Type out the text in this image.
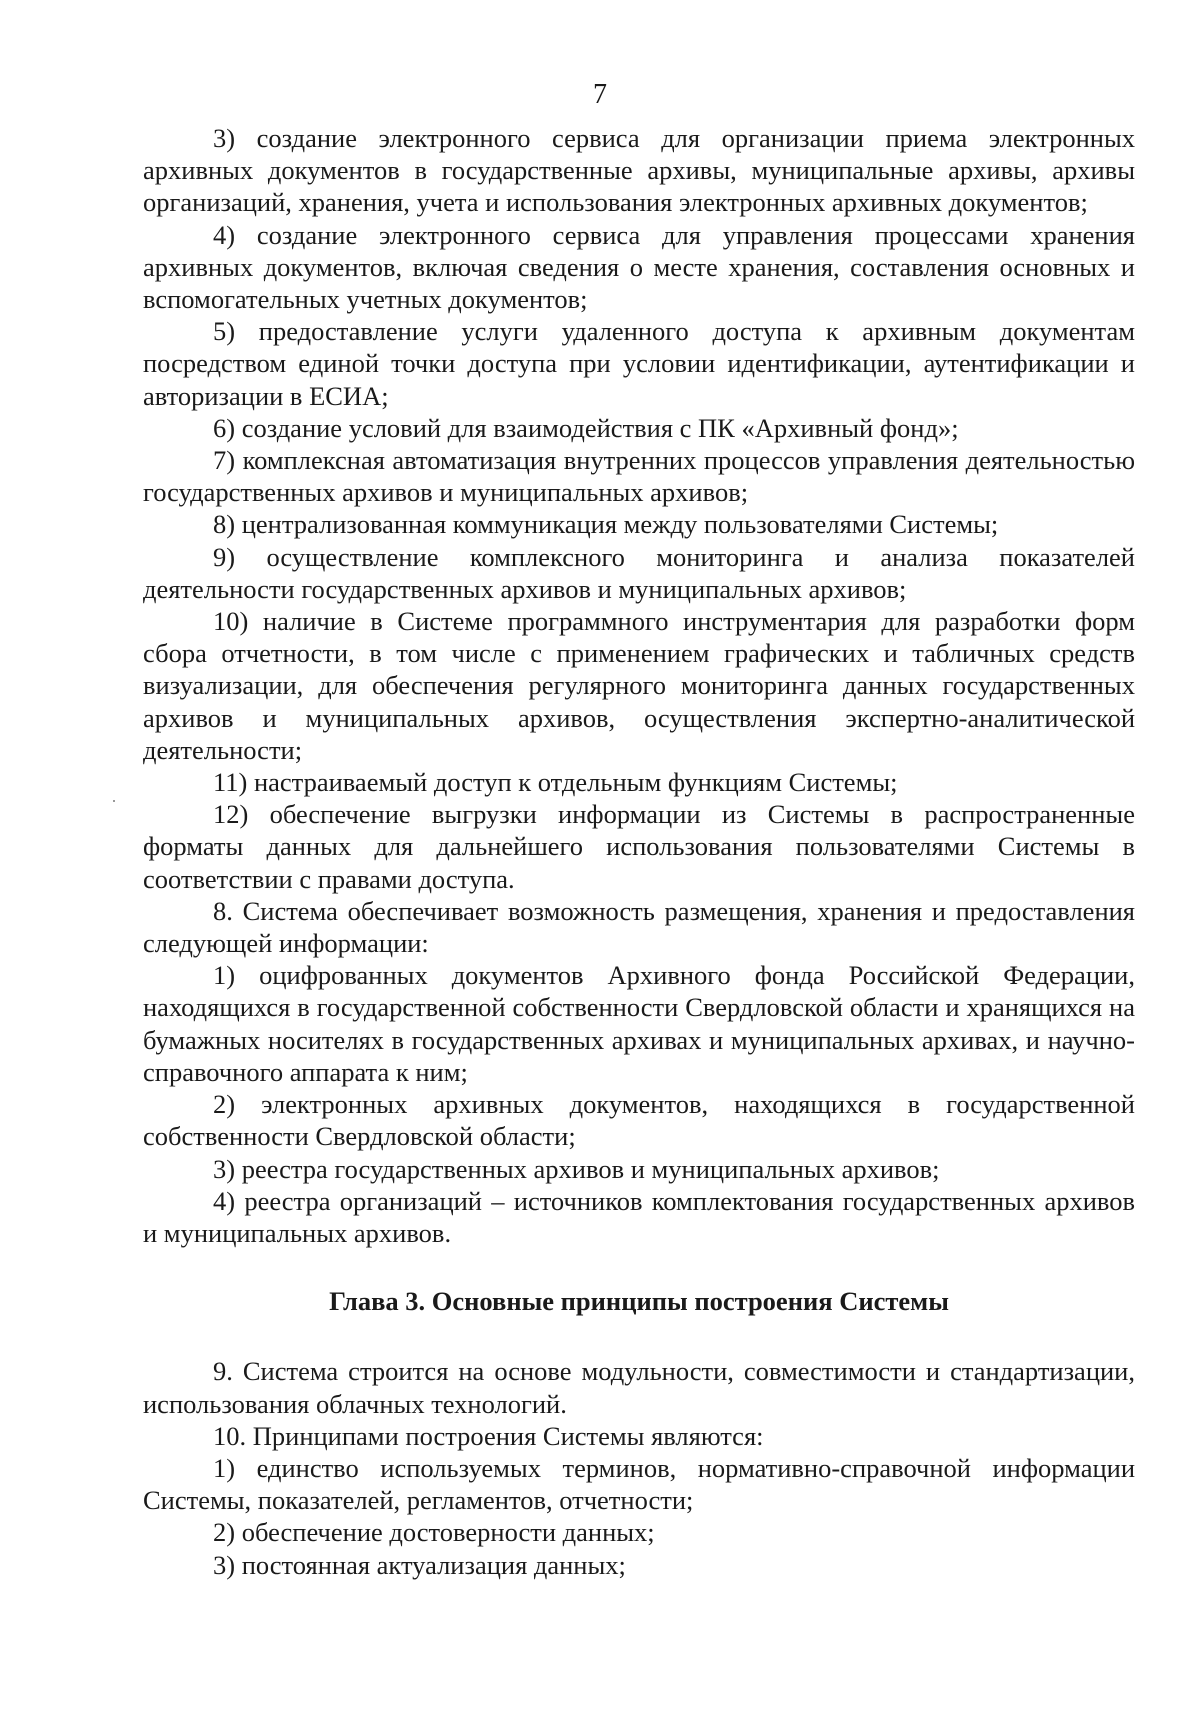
7

3) создание электронного сервиса для организации приема электронных архивных документов в государственные архивы, муниципальные архивы, архивы организаций, хранения, учета и использования электронных архивных документов;

4) создание электронного сервиса для управления процессами хранения архивных документов, включая сведения о месте хранения, составления основных и вспомогательных учетных документов;

5) предоставление услуги удаленного доступа к архивным документам посредством единой точки доступа при условии идентификации, аутентификации и авторизации в ЕСИА;

6) создание условий для взаимодействия с ПК «Архивный фонд»;

7) комплексная автоматизация внутренних процессов управления деятельностью государственных архивов и муниципальных архивов;

8) централизованная коммуникация между пользователями Системы;

9) осуществление комплексного мониторинга и анализа показателей деятельности государственных архивов и муниципальных архивов;

10) наличие в Системе программного инструментария для разработки форм сбора отчетности, в том числе с применением графических и табличных средств визуализации, для обеспечения регулярного мониторинга данных государственных архивов и муниципальных архивов, осуществления экспертно-аналитической деятельности;

11) настраиваемый доступ к отдельным функциям Системы;

12) обеспечение выгрузки информации из Системы в распространенные форматы данных для дальнейшего использования пользователями Системы в соответствии с правами доступа.

8. Система обеспечивает возможность размещения, хранения и предоставления следующей информации:

1) оцифрованных документов Архивного фонда Российской Федерации, находящихся в государственной собственности Свердловской области и хранящихся на бумажных носителях в государственных архивах и муниципальных архивах, и научно-справочного аппарата к ним;

2) электронных архивных документов, находящихся в государственной собственности Свердловской области;

3) реестра государственных архивов и муниципальных архивов;

4) реестра организаций – источников комплектования государственных архивов и муниципальных архивов.

Глава 3. Основные принципы построения Системы

9. Система строится на основе модульности, совместимости и стандартизации, использования облачных технологий.

10. Принципами построения Системы являются:

1) единство используемых терминов, нормативно-справочной информации Системы, показателей, регламентов, отчетности;

2) обеспечение достоверности данных;

3) постоянная актуализация данных;
